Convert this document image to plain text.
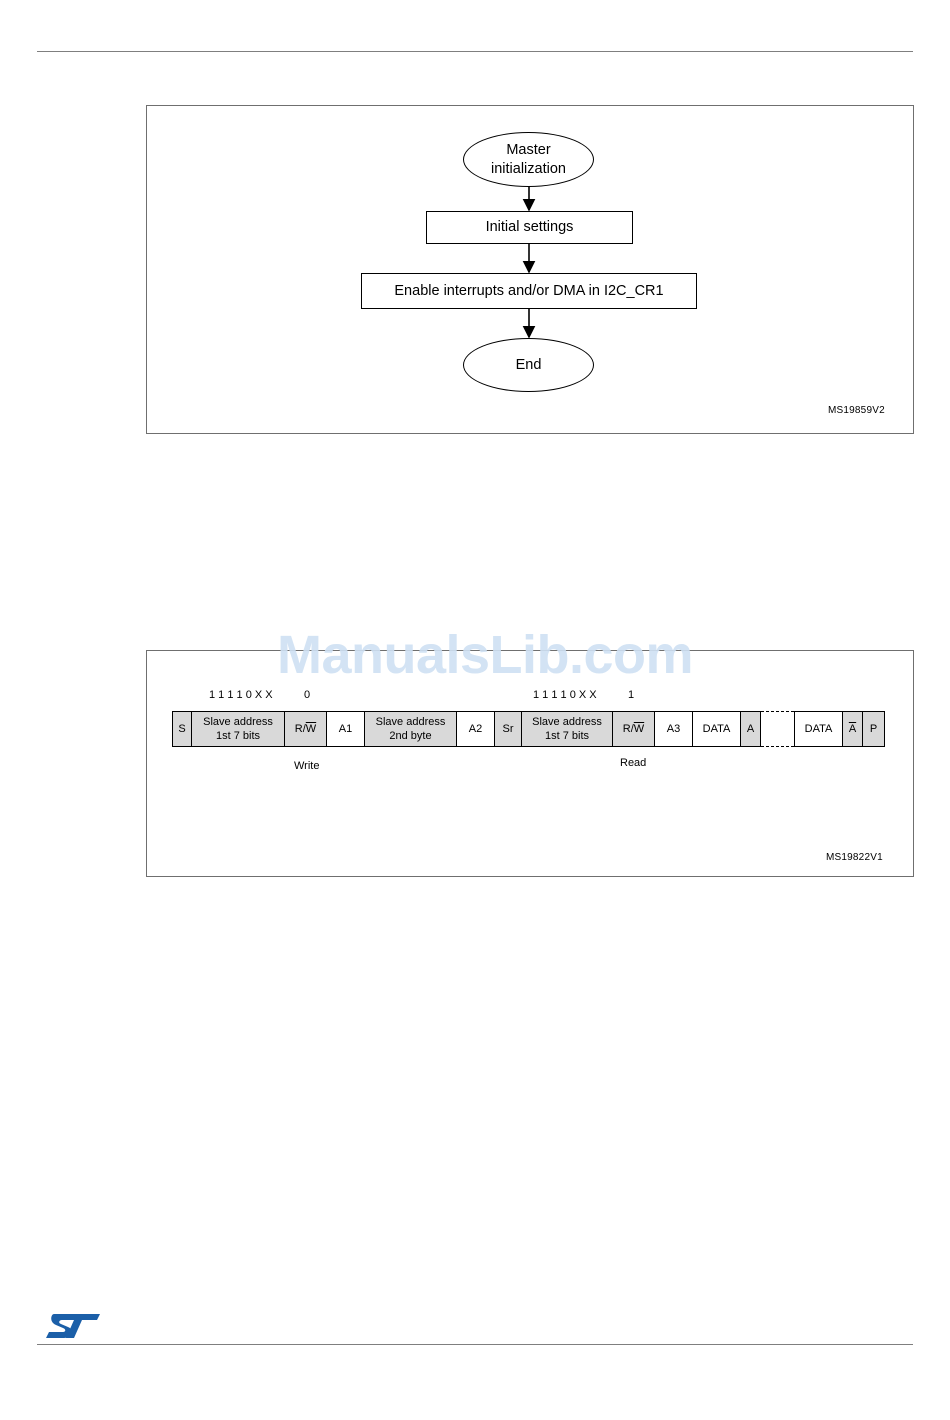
Master
initialization
Initial settings
Enable interrupts and/or DMA in I2C_CR1
End
MS19859V2
1 1 1 1 0 X X	0	1 1 1 1 0 X X	1
S
Slave address
1st 7 bits
$R/\overline{W}$	A1
Slave address
2nd byte
A2	Sr
Slave address
1st 7 bits
$R/\overline{W}$	A3	DATA	A	DATA	$\overline{A}$	P
Write	Read
MS19822V1
ManualsLib.com
